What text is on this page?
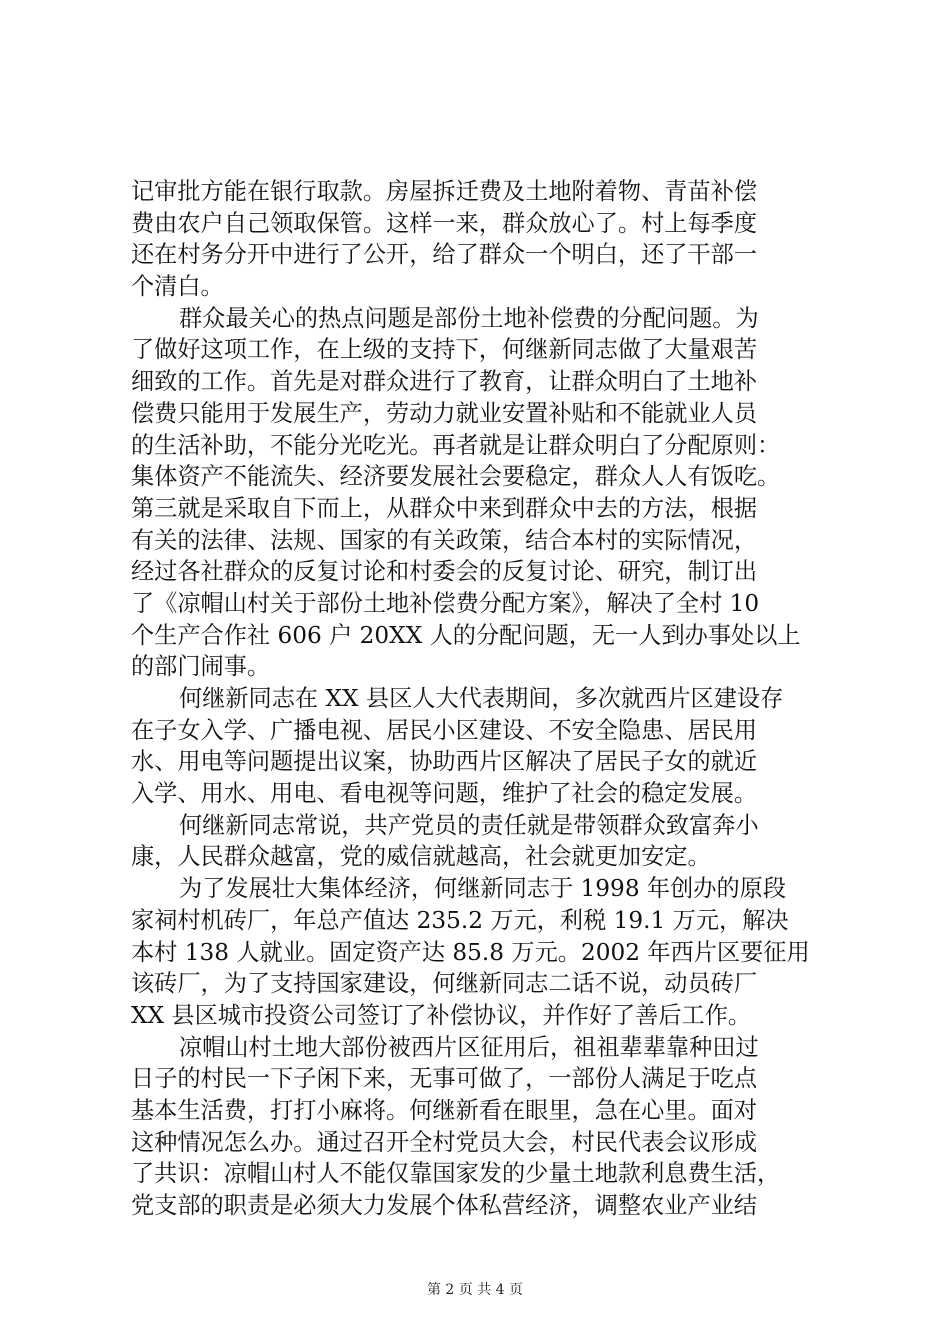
记审批方能在银行取款。房屋拆迁费及土地附着物、青苗补偿
费由农户自己领取保管。这样一来，群众放心了。村上每季度
还在村务分开中进行了公开，给了群众一个明白，还了干部一
个清白。
群众最关心的热点问题是部份土地补偿费的分配问题。为
了做好这项工作，在上级的支持下，何继新同志做了大量艰苦
细致的工作。首先是对群众进行了教育，让群众明白了土地补
偿费只能用于发展生产，劳动力就业安置补贴和不能就业人员
的生活补助，不能分光吃光。再者就是让群众明白了分配原则：
集体资产不能流失、经济要发展社会要稳定，群众人人有饭吃。
第三就是采取自下而上，从群众中来到群众中去的方法，根据
有关的法律、法规、国家的有关政策，结合本村的实际情况，
经过各社群众的反复讨论和村委会的反复讨论、研究，制订出
了《凉帽山村关于部份土地补偿费分配方案》，解决了全村 10
个生产合作社 606 户 20XX 人的分配问题，无一人到办事处以上
的部门闹事。
何继新同志在 XX 县区人大代表期间，多次就西片区建设存
在子女入学、广播电视、居民小区建设、不安全隐患、居民用
水、用电等问题提出议案，协助西片区解决了居民子女的就近
入学、用水、用电、看电视等问题，维护了社会的稳定发展。
何继新同志常说，共产党员的责任就是带领群众致富奔小
康，人民群众越富，党的威信就越高，社会就更加安定。
为了发展壮大集体经济，何继新同志于 1998 年创办的原段
家祠村机砖厂，年总产值达 235.2 万元，利税 19.1 万元，解决
本村 138 人就业。固定资产达 85.8 万元。2002 年西片区要征用
该砖厂，为了支持国家建设，何继新同志二话不说，动员砖厂
XX 县区城市投资公司签订了补偿协议，并作好了善后工作。
凉帽山村土地大部份被西片区征用后，祖祖辈辈靠种田过
日子的村民一下子闲下来，无事可做了，一部份人满足于吃点
基本生活费，打打小麻将。何继新看在眼里，急在心里。面对
这种情况怎么办。通过召开全村党员大会，村民代表会议形成
了共识：凉帽山村人不能仅靠国家发的少量土地款利息费生活，
党支部的职责是必须大力发展个体私营经济，调整农业产业结
第 2 页 共 4 页
